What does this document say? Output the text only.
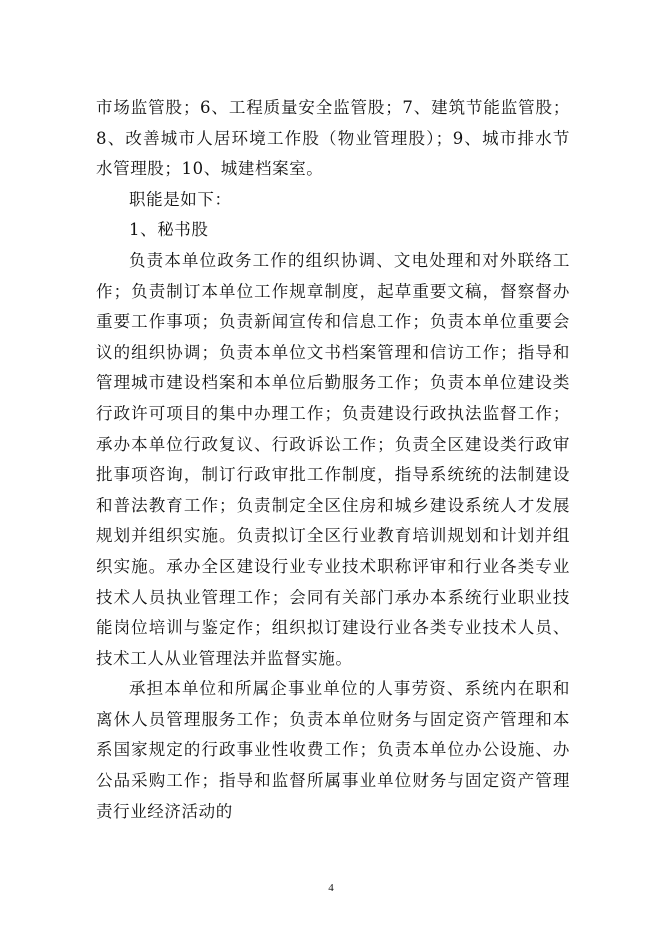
市场监管股；6、工程质量安全监管股；7、建筑节能监管股；8、改善城市人居环境工作股（物业管理股）；9、城市排水节水管理股；10、城建档案室。

职能是如下：

1、秘书股

负责本单位政务工作的组织协调、文电处理和对外联络工作；负责制订本单位工作规章制度，起草重要文稿，督察督办重要工作事项；负责新闻宣传和信息工作；负责本单位重要会议的组织协调；负责本单位文书档案管理和信访工作；指导和管理城市建设档案和本单位后勤服务工作；负责本单位建设类行政许可项目的集中办理工作；负责建设行政执法监督工作；承办本单位行政复议、行政诉讼工作；负责全区建设类行政审批事项咨询，制订行政审批工作制度，指导系统统的法制建设和普法教育工作；负责制定全区住房和城乡建设系统人才发展规划并组织实施。负责拟订全区行业教育培训规划和计划并组织实施。承办全区建设行业专业技术职称评审和行业各类专业技术人员执业管理工作；会同有关部门承办本系统行业职业技能岗位培训与鉴定作；组织拟订建设行业各类专业技术人员、技术工人从业管理法并监督实施。

承担本单位和所属企事业单位的人事劳资、系统内在职和离休人员管理服务工作；负责本单位财务与固定资产管理和本系国家规定的行政事业性收费工作；负责本单位办公设施、办公品采购工作；指导和监督所属事业单位财务与固定资产管理责行业经济活动的

4
